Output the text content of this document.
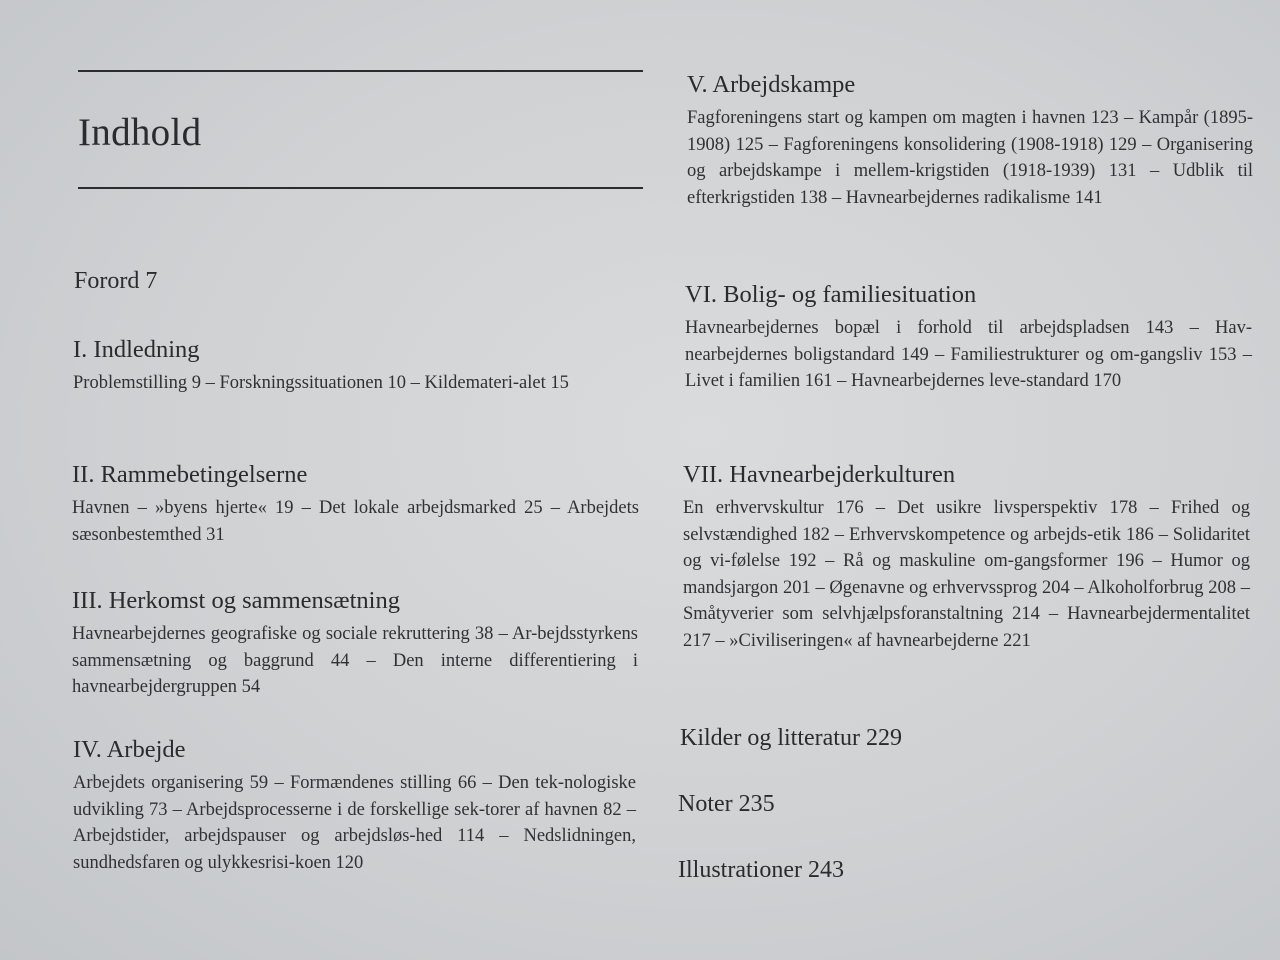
Indhold
Forord 7
I. Indledning
Problemstilling 9 – Forskningssituationen 10 – Kildemateri-alet 15
II. Rammebetingelserne
Havnen – »byens hjerte« 19 – Det lokale arbejdsmarked 25 – Arbejdets sæsonbestemthed 31
III. Herkomst og sammensætning
Havnearbejdernes geografiske og sociale rekruttering 38 – Ar-bejdsstyrkens sammensætning og baggrund 44 – Den interne differentiering i havnearbejdergruppen 54
IV. Arbejde
Arbejdets organisering 59 – Formændenes stilling 66 – Den tek-nologiske udvikling 73 – Arbejdsprocesserne i de forskellige sek-torer af havnen 82 – Arbejdstider, arbejdspauser og arbejdsløs-hed 114 – Nedslidningen, sundhedsfaren og ulykkesrisi-koen 120
V. Arbejdskampe
Fagforeningens start og kampen om magten i havnen 123 – Kampår (1895-1908) 125 – Fagforeningens konsolidering (1908-1918) 129 – Organisering og arbejdskampe i mellem-krigstiden (1918-1939) 131 – Udblik til efterkrigstiden 138 – Havnearbejdernes radikalisme 141
VI. Bolig- og familiesituation
Havnearbejdernes bopæl i forhold til arbejdspladsen 143 – Hav-nearbejdernes boligstandard 149 – Familiestrukturer og om-gangsliv 153 – Livet i familien 161 – Havnearbejdernes leve-standard 170
VII. Havnearbejderkulturen
En erhvervskultur 176 – Det usikre livsperspektiv 178 – Frihed og selvstændighed 182 – Erhvervskompetence og arbejds-etik 186 – Solidaritet og vi-følelse 192 – Rå og maskuline om-gangsformer 196 – Humor og mandsjargon 201 – Øgenavne og erhvervssprog 204 – Alkoholforbrug 208 – Småtyverier som selvhjælpsforanstaltning 214 – Havnearbejdermentalitet 217 – »Civiliseringen« af havnearbejderne 221
Kilder og litteratur 229
Noter 235
Illustrationer 243
